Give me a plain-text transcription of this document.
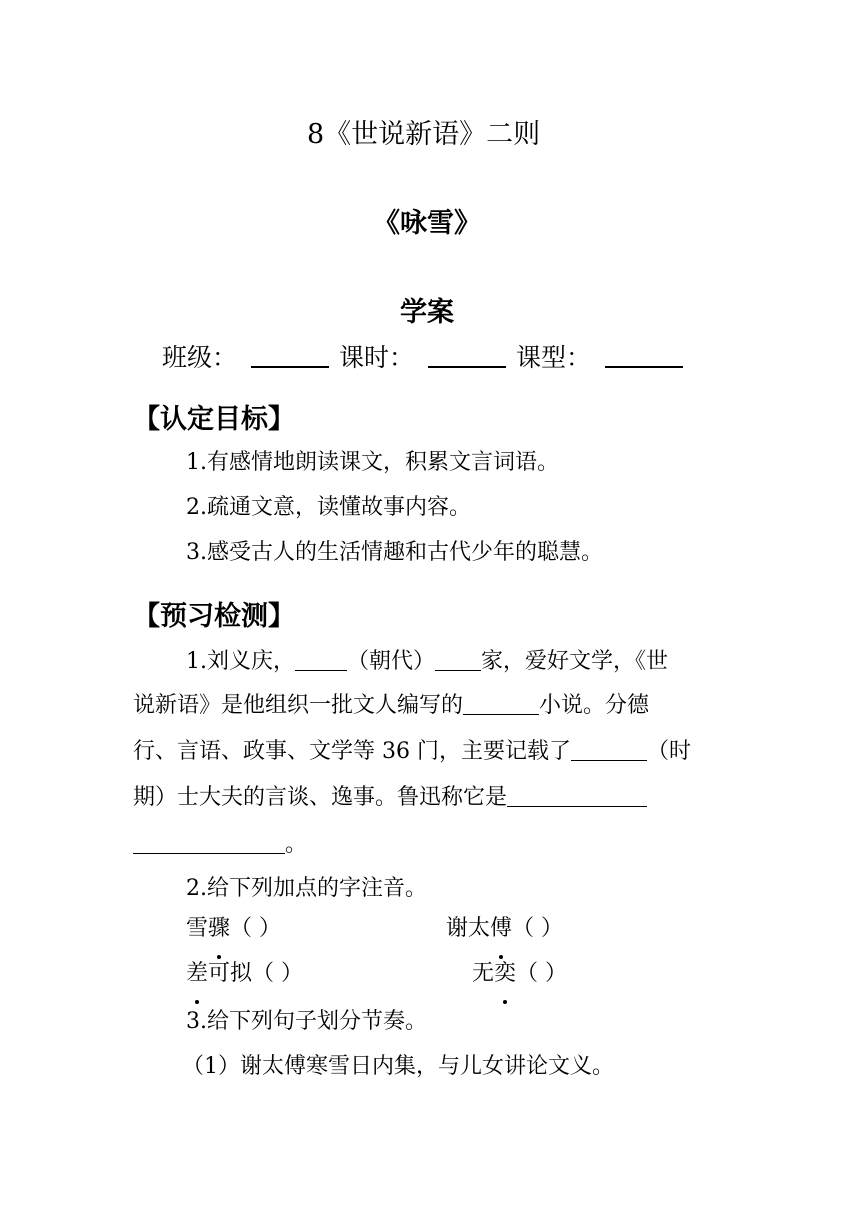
8《世说新语》二则
《咏雪》
学案
班级：	课时：	课型：
【认定目标】
1.有感情地朗读课文，积累文言词语。
2.疏通文意，读懂故事内容。
3.感受古人的生活情趣和古代少年的聪慧。
【预习检测】
1.刘义庆， （朝代） 家，爱好文学，《世
说新语》是他组织一批文人编写的	小说。分德
行、言语、政事、文学等 36 门，主要记载了	（时
期）士大夫的言谈、逸事。鲁迅称它是
。
2.给下列加点的字注音。
雪骤（ ）	谢太傅（ ）
差可拟（ ）	无奕（ ）
3.给下列句子划分节奏。
（1）谢太傅寒雪日内集，与儿女讲论文义。
